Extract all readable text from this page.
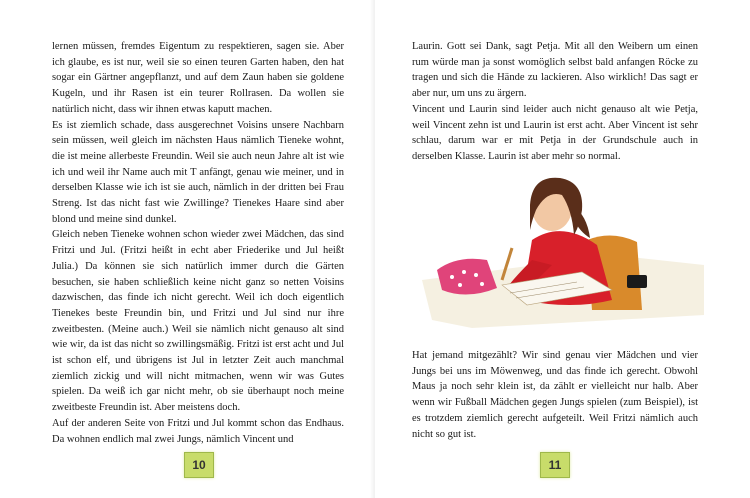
lernen müssen, fremdes Eigentum zu respektieren, sagen sie. Aber ich glaube, es ist nur, weil sie so einen teuren Garten haben, den hat sogar ein Gärtner angepflanzt, und auf dem Zaun haben sie goldene Kugeln, und ihr Rasen ist ein teurer Rollrasen. Da wollen sie natürlich nicht, dass wir ihnen etwas kaputt machen.

Es ist ziemlich schade, dass ausgerechnet Voisins unsere Nachbarn sein müssen, weil gleich im nächsten Haus nämlich Tieneke wohnt, die ist meine allerbeste Freundin. Weil sie auch neun Jahre alt ist wie ich und weil ihr Name auch mit T anfängt, genau wie meiner, und in derselben Klasse wie ich ist sie auch, nämlich in der dritten bei Frau Streng. Ist das nicht fast wie Zwillinge? Tienekes Haare sind aber blond und meine sind dunkel.

Gleich neben Tieneke wohnen schon wieder zwei Mädchen, das sind Fritzi und Jul. (Fritzi heißt in echt aber Friederike und Jul heißt Julia.) Da können sie sich natürlich immer durch die Gärten besuchen, sie haben schließlich keine nicht ganz so netten Voisins dazwischen, das finde ich nicht gerecht. Weil ich doch eigentlich Tienekes beste Freundin bin, und Fritzi und Jul sind nur ihre zweitbesten. (Meine auch.) Weil sie nämlich nicht genauso alt sind wie wir, da ist das nicht so zwillingsmäßig. Fritzi ist erst acht und Jul ist schon elf, und übrigens ist Jul in letzter Zeit auch manchmal ziemlich zickig und will nicht mitmachen, wenn wir was Gutes spielen. Da weiß ich gar nicht mehr, ob sie überhaupt noch meine zweitbeste Freundin ist. Aber meistens doch.

Auf der anderen Seite von Fritzi und Jul kommt schon das Endhaus. Da wohnen endlich mal zwei Jungs, nämlich Vincent und

10	11

Laurin. Gott sei Dank, sagt Petja. Mit all den Weibern um einen rum würde man ja sonst womöglich selbst bald anfangen Röcke zu tragen und sich die Hände zu lackieren. Also wirklich! Das sagt er aber nur, um uns zu ärgern.

Vincent und Laurin sind leider auch nicht genauso alt wie Petja, weil Vincent zehn ist und Laurin ist erst acht. Aber Vincent ist sehr schlau, darum war er mit Petja in der Grundschule auch in derselben Klasse. Laurin ist aber mehr so normal.

Hat jemand mitgezählt? Wir sind genau vier Mädchen und vier Jungs bei uns im Möwenweg, und das finde ich gerecht. Obwohl Maus ja noch sehr klein ist, da zählt er vielleicht nur halb. Aber wenn wir Fußball Mädchen gegen Jungs spielen (zum Beispiel), ist es trotzdem ziemlich gerecht aufgeteilt. Weil Fritzi nämlich auch nicht so gut ist.
